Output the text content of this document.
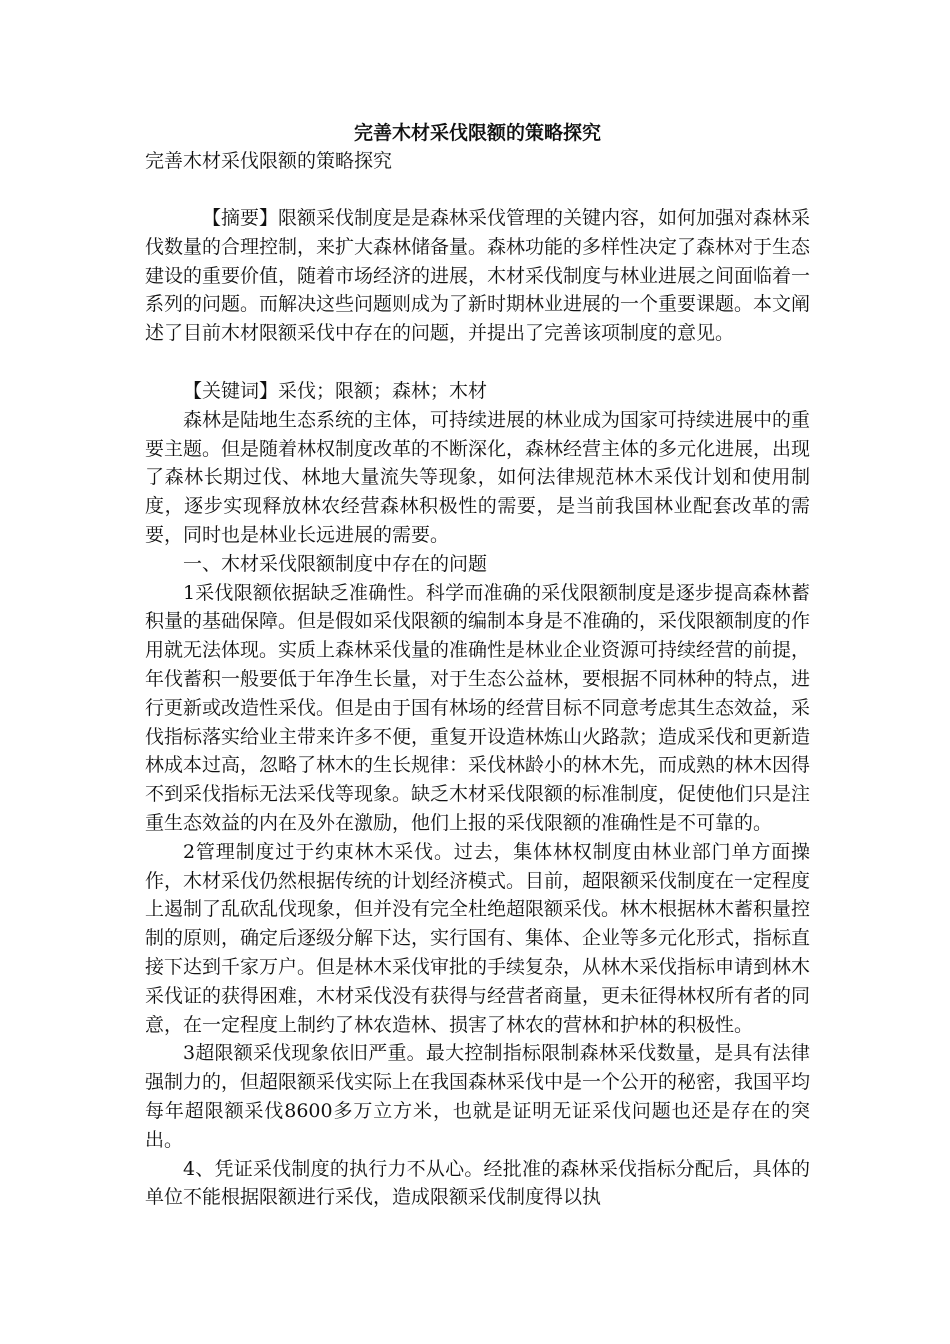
完善木材采伐限额的策略探究

完善木材采伐限额的策略探究

【摘要】限额采伐制度是是森林采伐管理的关键内容，如何加强对森林采伐数量的合理控制，来扩大森林储备量。森林功能的多样性决定了森林对于生态建设的重要价值，随着市场经济的进展，木材采伐制度与林业进展之间面临着一系列的问题。而解决这些问题则成为了新时期林业进展的一个重要课题。本文阐述了目前木材限额采伐中存在的问题，并提出了完善该项制度的意见。

【关键词】采伐；限额；森林；木材

森林是陆地生态系统的主体，可持续进展的林业成为国家可持续进展中的重要主题。但是随着林权制度改革的不断深化，森林经营主体的多元化进展，出现了森林长期过伐、林地大量流失等现象，如何法律规范林木采伐计划和使用制度，逐步实现释放林农经营森林积极性的需要，是当前我国林业配套改革的需要，同时也是林业长远进展的需要。

一、木材采伐限额制度中存在的问题

1采伐限额依据缺乏准确性。科学而准确的采伐限额制度是逐步提高森林蓄积量的基础保障。但是假如采伐限额的编制本身是不准确的，采伐限额制度的作用就无法体现。实质上森林采伐量的准确性是林业企业资源可持续经营的前提，年伐蓄积一般要低于年净生长量，对于生态公益林，要根据不同林种的特点，进行更新或改造性采伐。但是由于国有林场的经营目标不同意考虑其生态效益，采伐指标落实给业主带来许多不便，重复开设造林炼山火路款；造成采伐和更新造林成本过高，忽略了林木的生长规律：采伐林龄小的林木先，而成熟的林木因得不到采伐指标无法采伐等现象。缺乏木材采伐限额的标准制度，促使他们只是注重生态效益的内在及外在激励，他们上报的采伐限额的准确性是不可靠的。

2管理制度过于约束林木采伐。过去，集体林权制度由林业部门单方面操作，木材采伐仍然根据传统的计划经济模式。目前，超限额采伐制度在一定程度上遏制了乱砍乱伐现象，但并没有完全杜绝超限额采伐。林木根据林木蓄积量控制的原则，确定后逐级分解下达，实行国有、集体、企业等多元化形式，指标直接下达到千家万户。但是林木采伐审批的手续复杂，从林木采伐指标申请到林木采伐证的获得困难，木材采伐没有获得与经营者商量，更未征得林权所有者的同意，在一定程度上制约了林农造林、损害了林农的营林和护林的积极性。

3超限额采伐现象依旧严重。最大控制指标限制森林采伐数量，是具有法律强制力的，但超限额采伐实际上在我国森林采伐中是一个公开的秘密，我国平均每年超限额采伐8600多万立方米，也就是证明无证采伐问题也还是存在的突出。

4、凭证采伐制度的执行力不从心。经批准的森林采伐指标分配后，具体的单位不能根据限额进行采伐，造成限额采伐制度得以执
